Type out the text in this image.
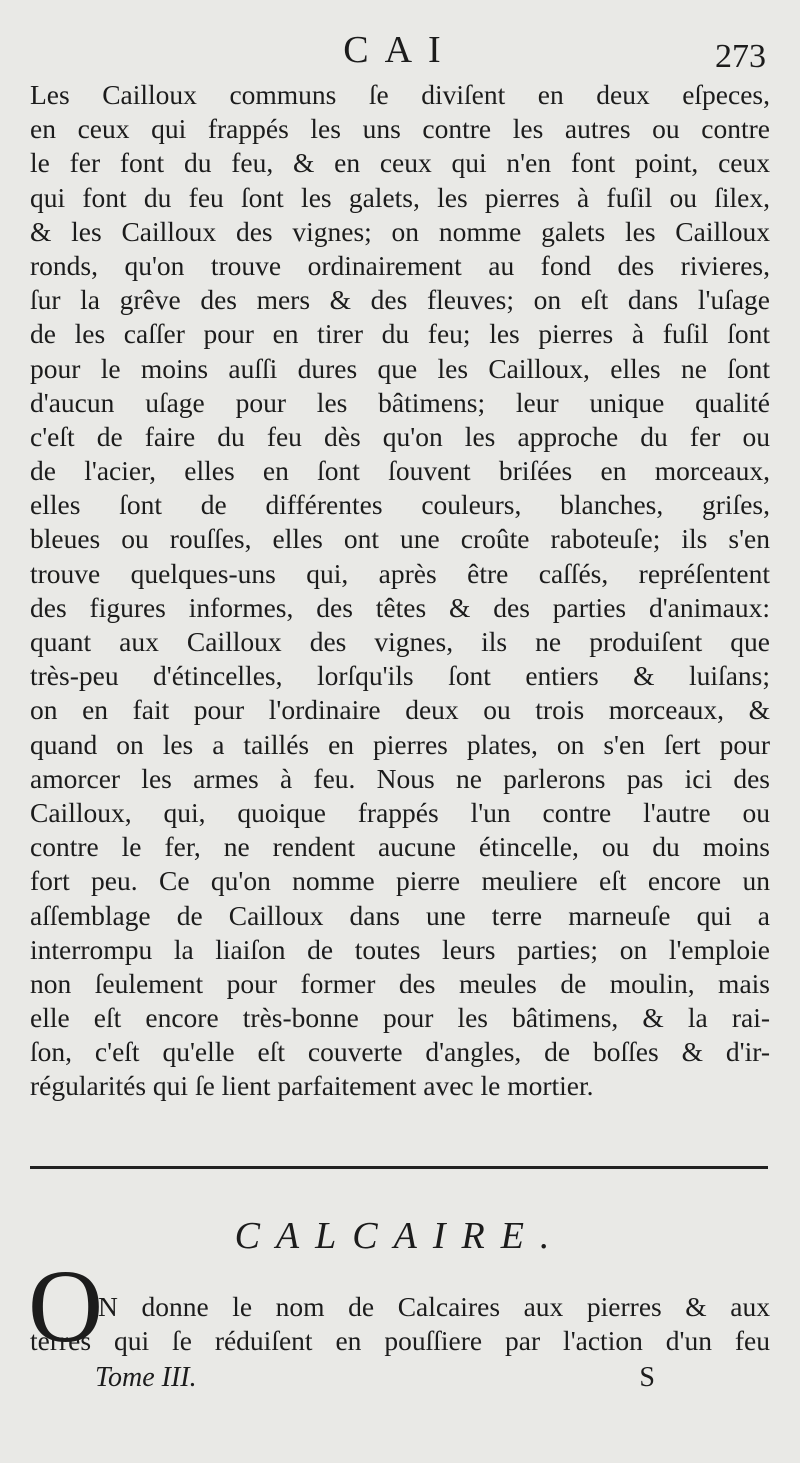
CAI	273
Les Cailloux communs ſe diviſent en deux eſpeces,
en ceux qui frappés les uns contre les autres ou contre
le fer font du feu, & en ceux qui n'en font point, ceux
qui font du feu ſont les galets, les pierres à fuſil ou ſilex,
& les Cailloux des vignes; on nomme galets les Cailloux
ronds, qu'on trouve ordinairement au fond des rivieres,
ſur la grêve des mers & des fleuves; on eſt dans l'uſage
de les caſſer pour en tirer du feu; les pierres à fuſil ſont
pour le moins auſſi dures que les Cailloux, elles ne ſont
d'aucun uſage pour les bâtimens; leur unique qualité
c'eſt de faire du feu dès qu'on les approche du fer ou
de l'acier, elles en ſont ſouvent briſées en morceaux,
elles ſont de différentes couleurs, blanches, griſes,
bleues ou rouſſes, elles ont une croûte raboteuſe; ils s'en
trouve quelques-uns qui, après être caſſés, repréſentent
des figures informes, des têtes & des parties d'animaux:
quant aux Cailloux des vignes, ils ne produiſent que
très-peu d'étincelles, lorſqu'ils ſont entiers & luiſans;
on en fait pour l'ordinaire deux ou trois morceaux, &
quand on les a taillés en pierres plates, on s'en ſert pour
amorcer les armes à feu. Nous ne parlerons pas ici des
Cailloux, qui, quoique frappés l'un contre l'autre ou
contre le fer, ne rendent aucune étincelle, ou du moins
fort peu. Ce qu'on nomme pierre meuliere eſt encore un
aſſemblage de Cailloux dans une terre marneuſe qui a
interrompu la liaiſon de toutes leurs parties; on l'emploie
non ſeulement pour former des meules de moulin, mais
elle eſt encore très-bonne pour les bâtimens, & la rai-
ſon, c'eſt qu'elle eſt couverte d'angles, de boſſes & d'ir-
régularités qui ſe lient parfaitement avec le mortier.
CALCAIRE.
O
N donne le nom de Calcaires aux pierres & aux
terres qui ſe réduiſent en pouſſiere par l'action d'un feu
Tome III.	S
